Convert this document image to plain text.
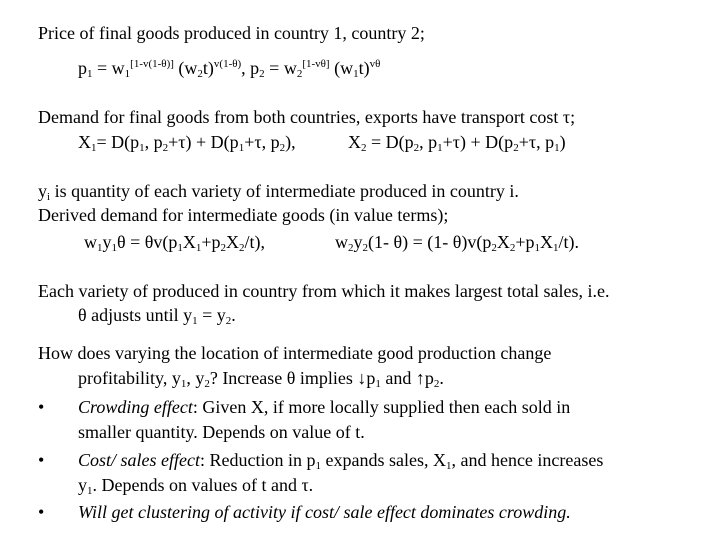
Price of final goods produced in country 1, country 2;
$p_1 = w_1[1-v(1-\theta)]$ $(w_2t)^{v(1-\theta)}$, $p_2 = w_2[1-v\theta]$ $(w_1t)^{v\theta}$
Demand for final goods from both countries, exports have transport cost τ;
$X_1= D(p_1$, $p_2+\tau) + D(p_1+\tau$, $p_2$),	$X_2 = D(p_2$, $p_1+\tau) + D(p_2+\tau$, $p_1$)
$y_i$ is quantity of each variety of intermediate produced in country i.
Derived demand for intermediate goods (in value terms);
$w_1y_1\theta = \theta v(p_1X_1+p_2X_2/t)$,	$w_2y_2(1-$ θ) = (1- $\theta)v(p_2X_2+p_1X_1/t)$.
Each variety of produced in country from which it makes largest total sales, i.e.
θ adjusts until $y_1 = y_2$.
How does varying the location of intermediate good production change
profitability, $y_1$, $y_2$? Increase θ implies $↓p_1$ and $↑p_2$.
• Crowding effect: Given X, if more locally supplied then each sold in
smaller quantity. Depends on value of t.
• Cost/ sales effect: Reduction in $p_1$ expands sales, $X_1$, and hence increases
$y_1$. Depends on values of t and τ.
• Will get clustering of activity if cost/ sale effect dominates crowding.
